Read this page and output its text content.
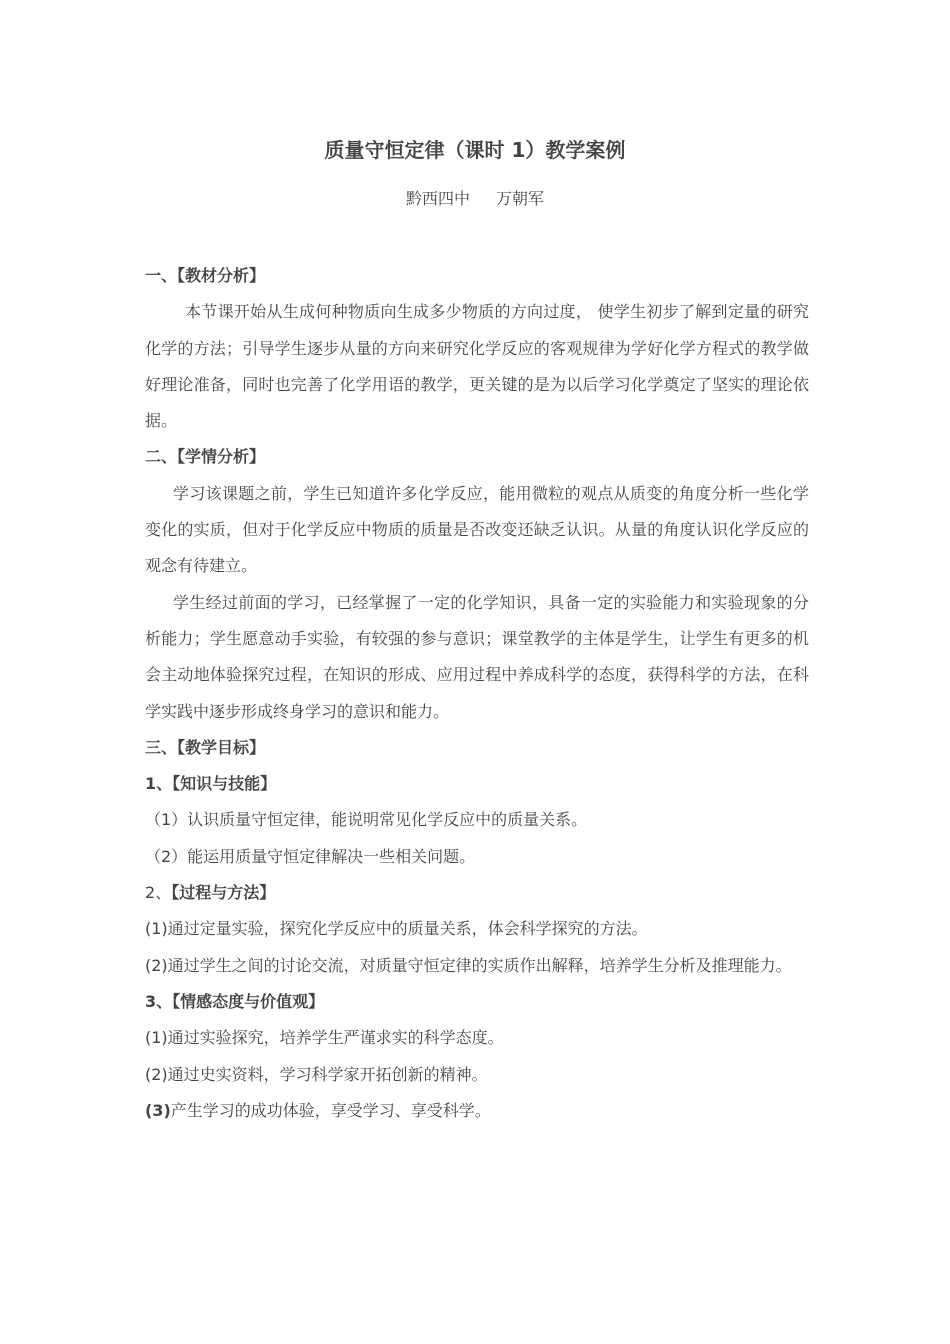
质量守恒定律（课时 1）教学案例
黔西四中 万朝军

一、【教材分析】

本节课开始从生成何种物质向生成多少物质的方向过度， 使学生初步了解到定量的研究化学的方法；引导学生逐步从量的方向来研究化学反应的客观规律为学好化学方程式的教学做好理论准备，同时也完善了化学用语的教学，更关键的是为以后学习化学奠定了坚实的理论依据。

二、【学情分析】

学习该课题之前，学生已知道许多化学反应，能用微粒的观点从质变的角度分析一些化学变化的实质，但对于化学反应中物质的质量是否改变还缺乏认识。从量的角度认识化学反应的观念有待建立。

学生经过前面的学习，已经掌握了一定的化学知识，具备一定的实验能力和实验现象的分析能力；学生愿意动手实验，有较强的参与意识；课堂教学的主体是学生，让学生有更多的机会主动地体验探究过程，在知识的形成、应用过程中养成科学的态度，获得科学的方法，在科学实践中逐步形成终身学习的意识和能力。

三、【教学目标】

1、【知识与技能】

（1）认识质量守恒定律，能说明常见化学反应中的质量关系。

（2）能运用质量守恒定律解决一些相关问题。

2、【过程与方法】

(1)通过定量实验，探究化学反应中的质量关系，体会科学探究的方法。

(2)通过学生之间的讨论交流，对质量守恒定律的实质作出解释，培养学生分析及推理能力。

3、【情感态度与价值观】

(1)通过实验探究，培养学生严谨求实的科学态度。

(2)通过史实资料，学习科学家开拓创新的精神。

(3)产生学习的成功体验，享受学习、享受科学。
